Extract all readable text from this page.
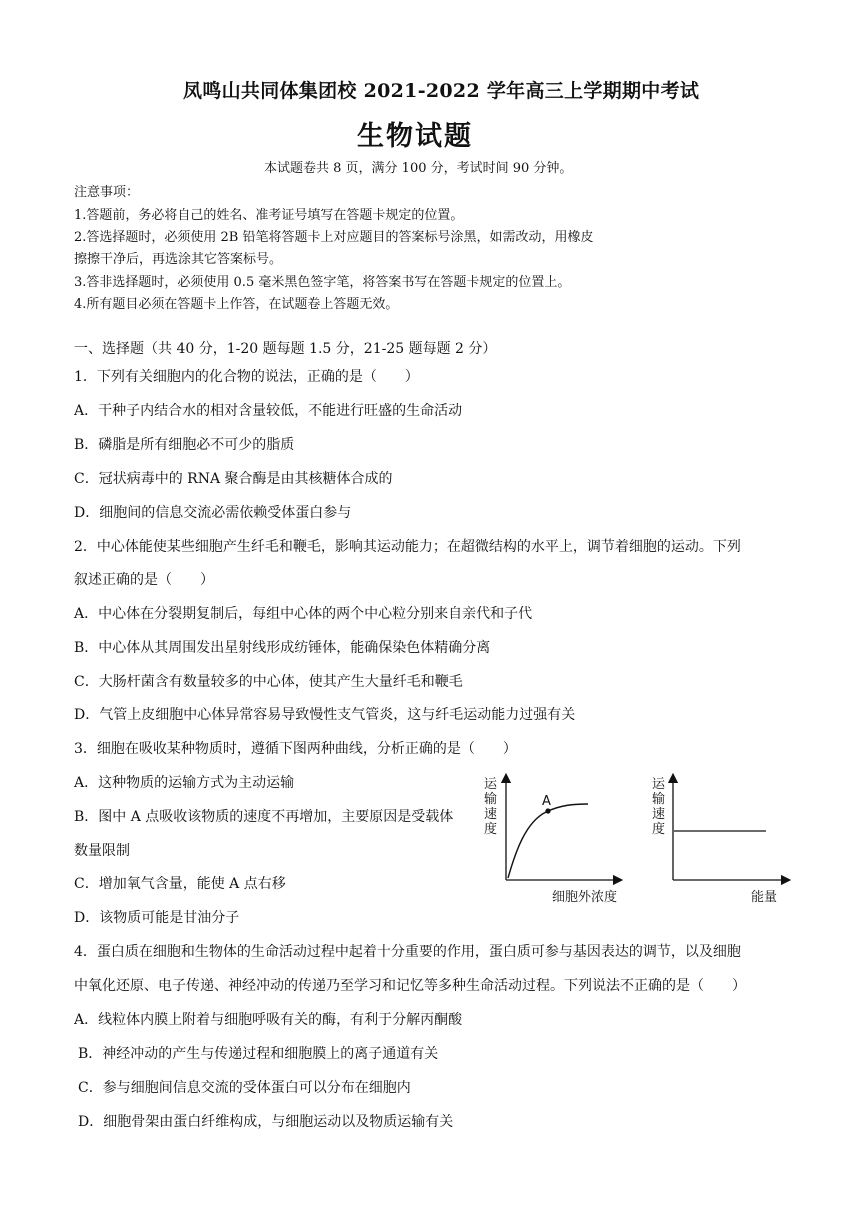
凤鸣山共同体集团校 2021-2022 学年高三上学期期中考试
生物试题
本试题卷共 8 页，满分 100 分，考试时间 90 分钟。
注意事项：
1.答题前，务必将自己的姓名、准考证号填写在答题卡规定的位置。
2.答选择题时，必须使用 2B 铅笔将答题卡上对应题目的答案标号涂黑，如需改动，用橡皮
擦擦干净后，再选涂其它答案标号。
3.答非选择题时，必须使用 0.5 毫米黑色签字笔，将答案书写在答题卡规定的位置上。
4.所有题目必须在答题卡上作答，在试题卷上答题无效。
一、选择题（共 40 分，1-20 题每题 1.5 分，21-25 题每题 2 分）
1．下列有关细胞内的化合物的说法，正确的是（　　）
A．干种子内结合水的相对含量较低，不能进行旺盛的生命活动
B．磷脂是所有细胞必不可少的脂质
C．冠状病毒中的 RNA 聚合酶是由其核糖体合成的
D．细胞间的信息交流必需依赖受体蛋白参与
2．中心体能使某些细胞产生纤毛和鞭毛，影响其运动能力；在超微结构的水平上，调节着细胞的运动。下列
叙述正确的是（　　）
A．中心体在分裂期复制后，每组中心体的两个中心粒分别来自亲代和子代
B．中心体从其周围发出星射线形成纺锤体，能确保染色体精确分离
C．大肠杆菌含有数量较多的中心体，使其产生大量纤毛和鞭毛
D．气管上皮细胞中心体异常容易导致慢性支气管炎，这与纤毛运动能力过强有关
3．细胞在吸收某种物质时，遵循下图两种曲线，分析正确的是（　　）
A．这种物质的运输方式为主动运输
B．图中 A 点吸收该物质的速度不再增加，主要原因是受载体
数量限制
C．增加氧气含量，能使 A 点右移
D．该物质可能是甘油分子
运
输
速
度
A
细胞外浓度
运
输
速
度
能量
4．蛋白质在细胞和生物体的生命活动过程中起着十分重要的作用，蛋白质可参与基因表达的调节，以及细胞
中氧化还原、电子传递、神经冲动的传递乃至学习和记忆等多种生命活动过程。下列说法不正确的是（　　）
A．线粒体内膜上附着与细胞呼吸有关的酶，有利于分解丙酮酸
B．神经冲动的产生与传递过程和细胞膜上的离子通道有关
C．参与细胞间信息交流的受体蛋白可以分布在细胞内
D．细胞骨架由蛋白纤维构成，与细胞运动以及物质运输有关
